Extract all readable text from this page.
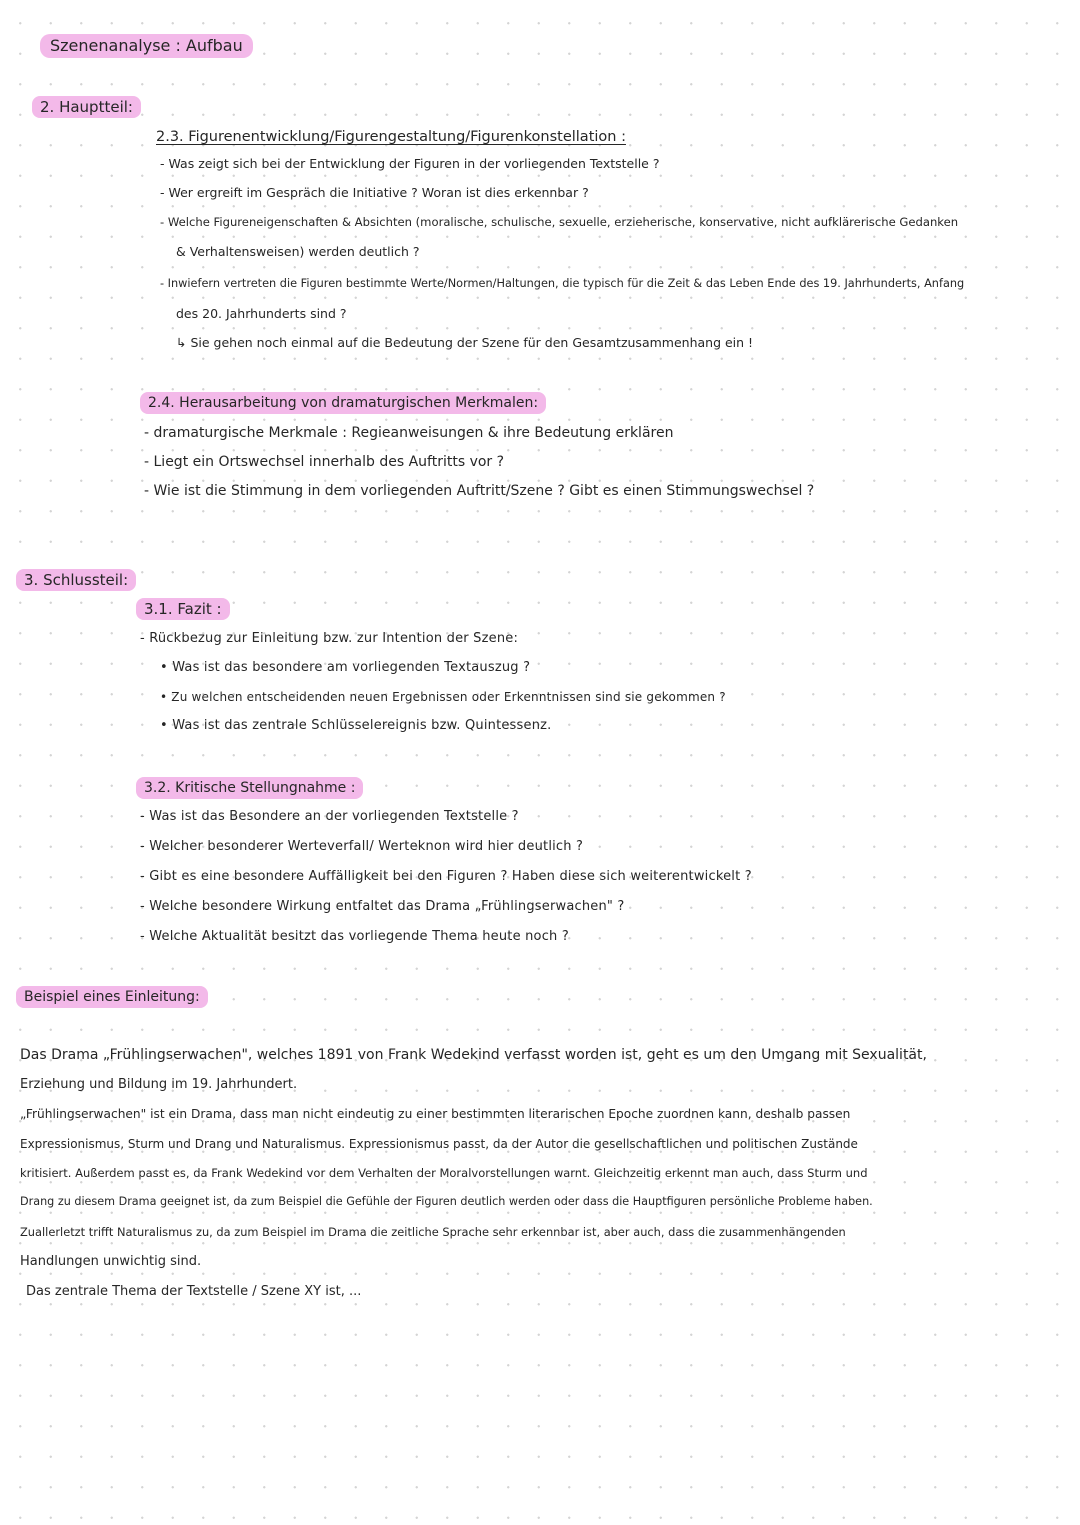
Szenenanalyse : Aufbau
2. Hauptteil:
2.3. Figurenentwicklung/Figurengestaltung/Figurenkonstellation :
- Was zeigt sich bei der Entwicklung der Figuren in der vorliegenden Textstelle ?
- Wer ergreift im Gespräch die Initiative ? Woran ist dies erkennbar ?
- Welche Figureneigenschaften & Absichten (moralische, schulische, sexuelle, erzieherische, konservative, nicht aufklärerische Gedanken
& Verhaltensweisen) werden deutlich ?
- Inwiefern vertreten die Figuren bestimmte Werte/Normen/Haltungen, die typisch für die Zeit & das Leben Ende des 19. Jahrhunderts, Anfang
des 20. Jahrhunderts sind ?
↳ Sie gehen noch einmal auf die Bedeutung der Szene für den Gesamtzusammenhang ein !
2.4. Herausarbeitung von dramaturgischen Merkmalen:
- dramaturgische Merkmale : Regieanweisungen & ihre Bedeutung erklären
- Liegt ein Ortswechsel innerhalb des Auftritts vor ?
- Wie ist die Stimmung in dem vorliegenden Auftritt/Szene ? Gibt es einen Stimmungswechsel ?
3. Schlussteil:
3.1. Fazit :
- Rückbezug zur Einleitung bzw. zur Intention der Szene:
• Was ist das besondere am vorliegenden Textauszug ?
• Zu welchen entscheidenden neuen Ergebnissen oder Erkenntnissen sind sie gekommen ?
• Was ist das zentrale Schlüsselereignis bzw. Quintessenz.
3.2. Kritische Stellungnahme :
- Was ist das Besondere an der vorliegenden Textstelle ?
- Welcher besonderer Werteverfall/ Werteknon wird hier deutlich ?
- Gibt es eine besondere Auffälligkeit bei den Figuren ? Haben diese sich weiterentwickelt ?
- Welche besondere Wirkung entfaltet das Drama „Frühlingserwachen" ?
- Welche Aktualität besitzt das vorliegende Thema heute noch ?
Beispiel eines Einleitung:
Das Drama „Frühlingserwachen", welches 1891 von Frank Wedekind verfasst worden ist, geht es um den Umgang mit Sexualität,
Erziehung und Bildung im 19. Jahrhundert.
„Frühlingserwachen" ist ein Drama, dass man nicht eindeutig zu einer bestimmten literarischen Epoche zuordnen kann, deshalb passen
Expressionismus, Sturm und Drang und Naturalismus. Expressionismus passt, da der Autor die gesellschaftlichen und politischen Zustände
kritisiert. Außerdem passt es, da Frank Wedekind vor dem Verhalten der Moralvorstellungen warnt. Gleichzeitig erkennt man auch, dass Sturm und
Drang zu diesem Drama geeignet ist, da zum Beispiel die Gefühle der Figuren deutlich werden oder dass die Hauptfiguren persönliche Probleme haben.
Zuallerletzt trifft Naturalismus zu, da zum Beispiel im Drama die zeitliche Sprache sehr erkennbar ist, aber auch, dass die zusammenhängenden
Handlungen unwichtig sind.
Das zentrale Thema der Textstelle / Szene XY ist, ...
